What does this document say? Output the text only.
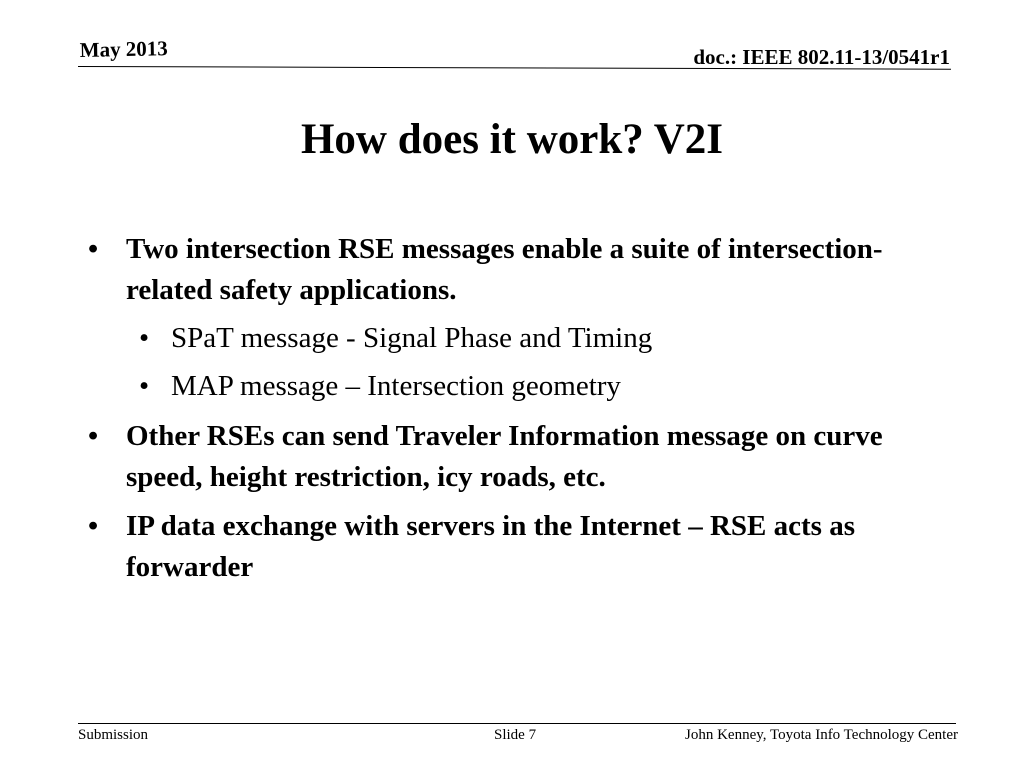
May 2013	doc.: IEEE 802.11-13/0541r1
How does it work? V2I
• Two intersection RSE messages enable a suite of intersection-related safety applications.
• SPaT message - Signal Phase and Timing
• MAP message – Intersection geometry
• Other RSEs can send Traveler Information message on curve speed, height restriction, icy roads, etc.
• IP data exchange with servers in the Internet – RSE acts as forwarder
Submission	Slide 7	John Kenney, Toyota Info Technology Center
